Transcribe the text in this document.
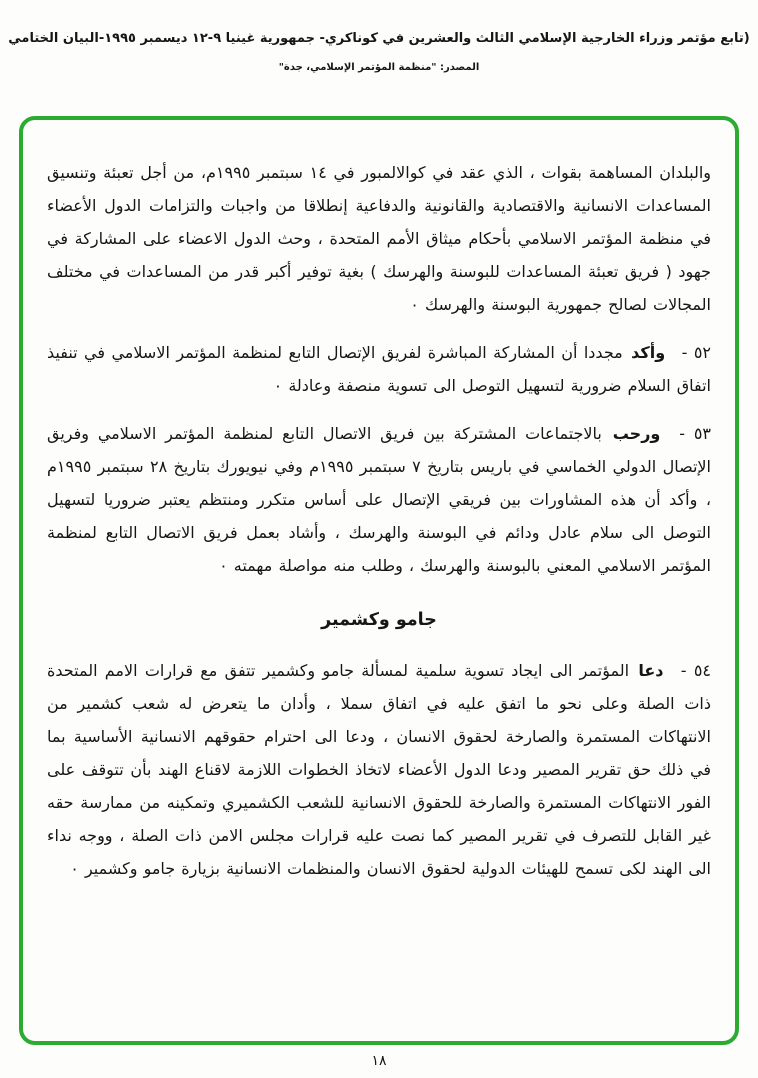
(تابع مؤتمر وزراء الخارجية الإسلامي الثالث والعشرين في كوناكري- جمهورية غينيا ٩-١٢ ديسمبر ١٩٩٥-البيان الختامي
المصدر: "منظمة المؤتمر الإسلامي، جدة"

والبلدان المساهمة بقوات ، الذي عقد في كوالالمبور في ١٤ سبتمبر ١٩٩٥م، من أجل تعبئة وتنسيق المساعدات الانسانية والاقتصادية والقانونية والدفاعية إنطلاقا من واجبات والتزامات الدول الأعضاء في منظمة المؤتمر الاسلامي بأحكام ميثاق الأمم المتحدة ، وحث الدول الاعضاء على المشاركة في جهود ( فريق تعبئة المساعدات للبوسنة والهرسك ) بغية توفير أكبر قدر من المساعدات في مختلف المجالات لصالح جمهورية البوسنة والهرسك ٠

٥٢ - وأكد مجددا أن المشاركة المباشرة لفريق الإتصال التابع لمنظمة المؤتمر الاسلامي في تنفيذ اتفاق السلام ضرورية لتسهيل التوصل الى تسوية منصفة وعادلة ٠

٥٣ - ورحب بالاجتماعات المشتركة بين فريق الاتصال التابع لمنظمة المؤتمر الاسلامي وفريق الإتصال الدولي الخماسي في باريس بتاريخ ٧ سبتمبر ١٩٩٥م وفي نيويورك بتاريخ ٢٨ سبتمبر ١٩٩٥م ، وأكد أن هذه المشاورات بين فريقي الإتصال على أساس متكرر ومنتظم يعتبر ضروريا لتسهيل التوصل الى سلام عادل ودائم في البوسنة والهرسك ، وأشاد بعمل فريق الاتصال التابع لمنظمة المؤتمر الاسلامي المعني بالبوسنة والهرسك ، وطلب منه مواصلة مهمته ٠

جامو وكشمير

٥٤ - دعا المؤتمر الى ايجاد تسوية سلمية لمسألة جامو وكشمير تتفق مع قرارات الامم المتحدة ذات الصلة وعلى نحو ما اتفق عليه في اتفاق سملا ، وأدان ما يتعرض له شعب كشمير من الانتهاكات المستمرة والصارخة لحقوق الانسان ، ودعا الى احترام حقوقهم الانسانية الأساسية بما في ذلك حق تقرير المصير ودعا الدول الأعضاء لاتخاذ الخطوات اللازمة لاقناع الهند بأن تتوقف على الفور الانتهاكات المستمرة والصارخة للحقوق الانسانية للشعب الكشميري وتمكينه من ممارسة حقه غير القابل للتصرف في تقرير المصير كما نصت عليه قرارات مجلس الامن ذات الصلة ، ووجه نداء الى الهند لكى تسمح للهيئات الدولية لحقوق الانسان والمنظمات الانسانية بزيارة جامو وكشمير ٠

١٨
